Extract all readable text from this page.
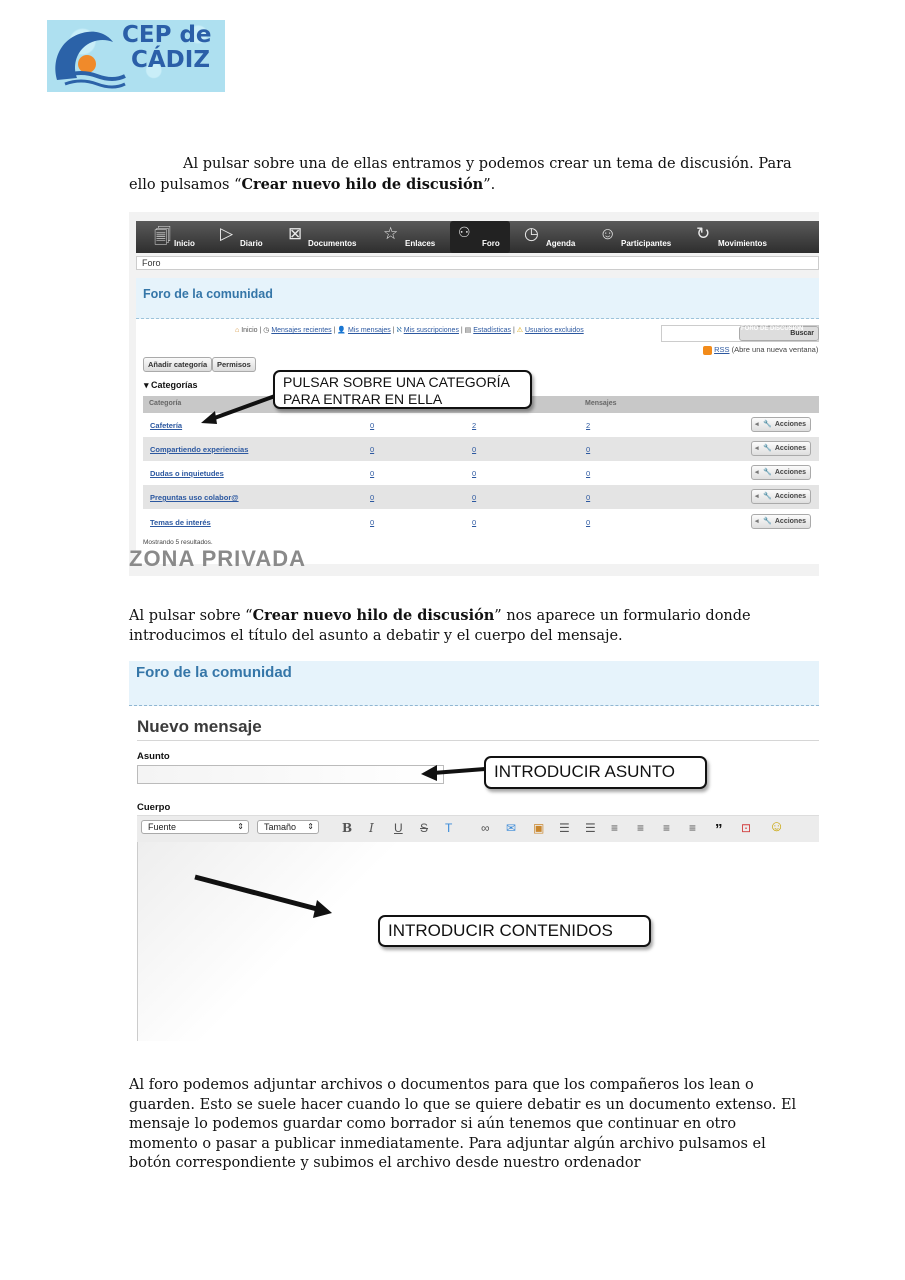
CEP de
CÁDIZ
Al pulsar sobre una de ellas entramos y podemos crear un tema de discusión. Para ello pulsamos “Crear nuevo hilo de discusión”.
🗐 Inicio
▷
Diario
⊠
Documentos
☆
Enlaces
⚇
Foro
◷
Agenda
☺
Participantes
↻
Movimientos
Foro
Foro de la comunidad
⌂ Inicio | ◷ Mensajes recientes | 👤 Mis mensajes | ℵ Mis suscripciones | ▤ Estadísticas | ⚠ Usuarios excluidos	Buscar
FORO DE DISCUSIÓN
RSS (Abre una nueva ventana)
Añadir categoría	Permisos
▾ Categorías
Categoría	Mensajes
Cafetería	0	2	2	◂ 🔧 Acciones
Compartiendo experiencias	0	0	0	◂ 🔧 Acciones
Dudas o inquietudes	0	0	0	◂ 🔧 Acciones
Preguntas uso colabor@	0	0	0	◂ 🔧 Acciones
Temas de interés	0	0	0	◂ 🔧 Acciones
Mostrando 5 resultados.
ZONA PRIVADA
PULSAR SOBRE UNA CATEGORÍA
PARA ENTRAR EN ELLA
Al pulsar sobre “Crear nuevo hilo de discusión” nos aparece un formulario donde introducimos el título del asunto a debatir y el cuerpo del mensaje.
Foro de la comunidad
Nuevo mensaje
Asunto
Cuerpo
Fuente	⇕	Tamaño ⇕ B I U S T ∞ ✉ ▣ ☰ ☰ ≡ ≡ ≡ ≡ ” ⊡ ☺
INTRODUCIR ASUNTO
INTRODUCIR CONTENIDOS
Al foro podemos adjuntar archivos o documentos para que los compañeros los lean o guarden. Esto se suele hacer cuando lo que se quiere debatir es un documento extenso. El mensaje lo podemos guardar como borrador si aún tenemos que continuar en otro momento o pasar a publicar inmediatamente. Para adjuntar algún archivo pulsamos el botón correspondiente y subimos el archivo desde nuestro ordenador
